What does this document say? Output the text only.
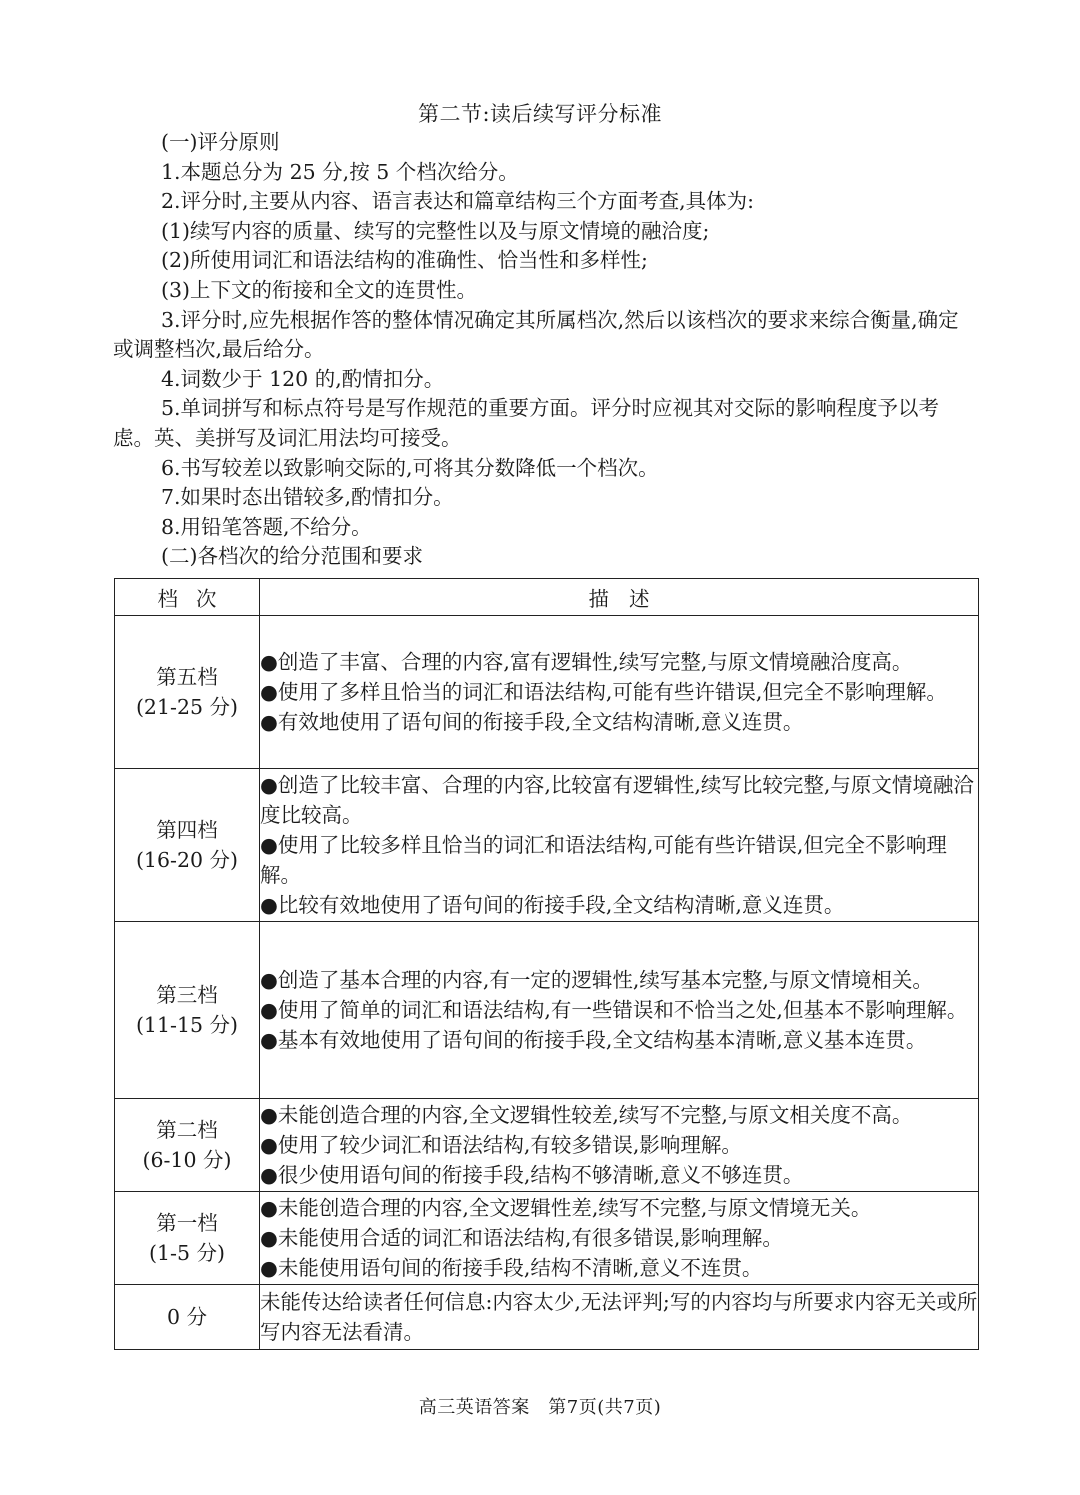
第二节:读后续写评分标准

(一)评分原则

1.本题总分为 25 分,按 5 个档次给分。

2.评分时,主要从内容、语言表达和篇章结构三个方面考查,具体为:

(1)续写内容的质量、续写的完整性以及与原文情境的融洽度;

(2)所使用词汇和语法结构的准确性、恰当性和多样性;

(3)上下文的衔接和全文的连贯性。

3.评分时,应先根据作答的整体情况确定其所属档次,然后以该档次的要求来综合衡量,确定或调整档次,最后给分。

4.词数少于 120 的,酌情扣分。

5.单词拼写和标点符号是写作规范的重要方面。评分时应视其对交际的影响程度予以考虑。英、美拼写及词汇用法均可接受。

6.书写较差以致影响交际的,可将其分数降低一个档次。

7.如果时态出错较多,酌情扣分。

8.用铅笔答题,不给分。

(二)各档次的给分范围和要求

档次	描述

第五档
(21-25 分)	●创造了丰富、合理的内容,富有逻辑性,续写完整,与原文情境融洽度高。
●使用了多样且恰当的词汇和语法结构,可能有些许错误,但完全不影响理解。
●有效地使用了语句间的衔接手段,全文结构清晰,意义连贯。

第四档
(16-20 分)	●创造了比较丰富、合理的内容,比较富有逻辑性,续写比较完整,与原文情境融洽度比较高。
●使用了比较多样且恰当的词汇和语法结构,可能有些许错误,但完全不影响理解。
●比较有效地使用了语句间的衔接手段,全文结构清晰,意义连贯。

第三档
(11-15 分)	●创造了基本合理的内容,有一定的逻辑性,续写基本完整,与原文情境相关。
●使用了简单的词汇和语法结构,有一些错误和不恰当之处,但基本不影响理解。
●基本有效地使用了语句间的衔接手段,全文结构基本清晰,意义基本连贯。

第二档
(6-10 分)	●未能创造合理的内容,全文逻辑性较差,续写不完整,与原文相关度不高。
●使用了较少词汇和语法结构,有较多错误,影响理解。
●很少使用语句间的衔接手段,结构不够清晰,意义不够连贯。

第一档
(1-5 分)	●未能创造合理的内容,全文逻辑性差,续写不完整,与原文情境无关。
●未能使用合适的词汇和语法结构,有很多错误,影响理解。
●未能使用语句间的衔接手段,结构不清晰,意义不连贯。

0 分	未能传达给读者任何信息:内容太少,无法评判;写的内容均与所要求内容无关或所写内容无法看清。
高三英语答案　第7页(共7页)
